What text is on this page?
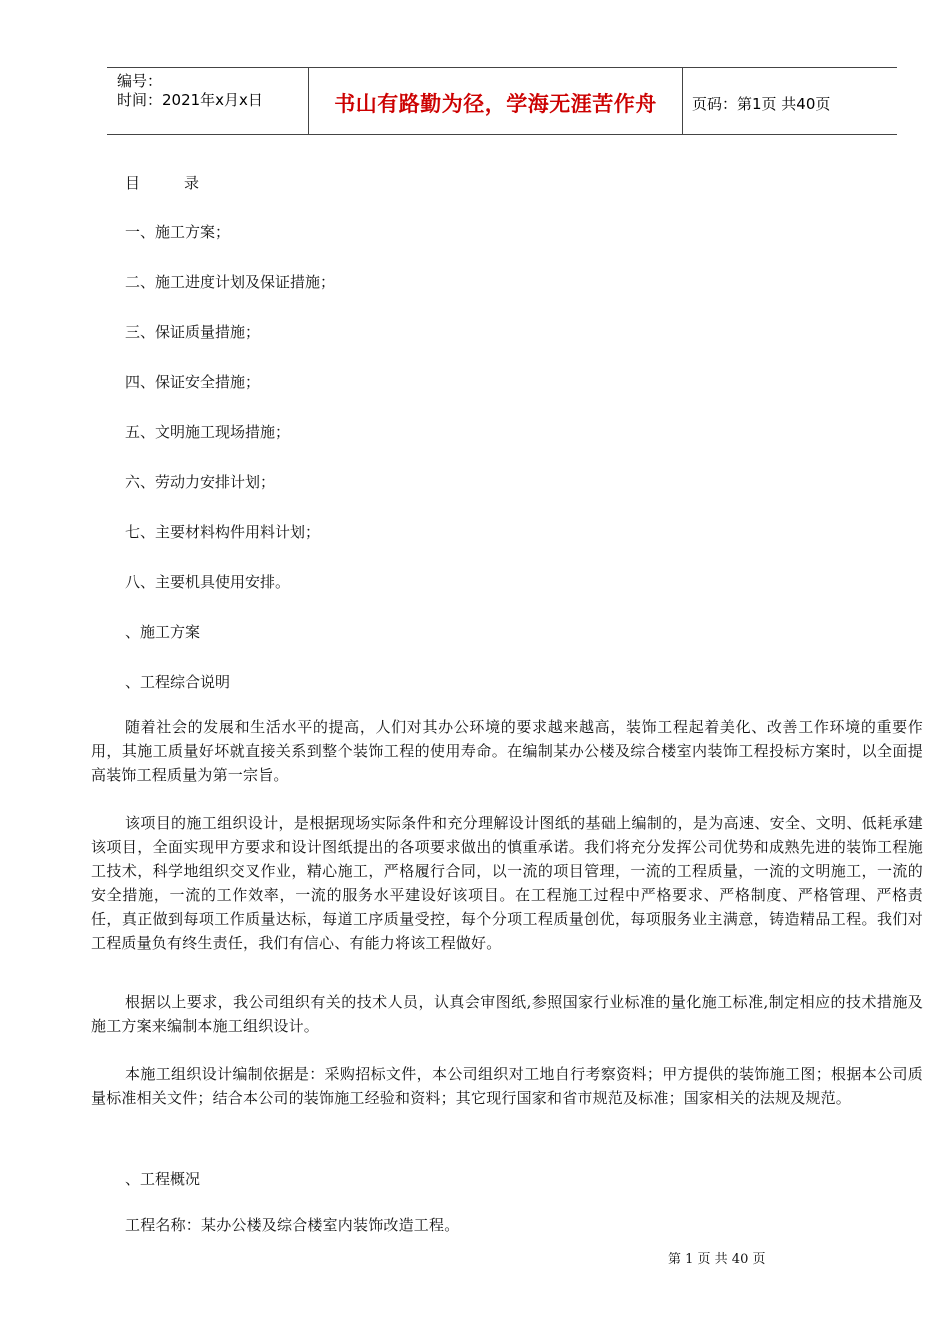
编号：
时间：2021年x月x日	书山有路勤为径，学海无涯苦作舟	页码：第1页 共40页
目	录
一、施工方案；
二、施工进度计划及保证措施；
三、保证质量措施；
四、保证安全措施；
五、文明施工现场措施；
六、劳动力安排计划；
七、主要材料构件用料计划；
八、主要机具使用安排。
、施工方案
、工程综合说明
随着社会的发展和生活水平的提高，人们对其办公环境的要求越来越高，装饰工程起着美化、改善工作环境的重要作用，其施工质量好坏就直接关系到整个装饰工程的使用寿命。在编制某办公楼及综合楼室内装饰工程投标方案时，以全面提高装饰工程质量为第一宗旨。
该项目的施工组织设计，是根据现场实际条件和充分理解设计图纸的基础上编制的，是为高速、安全、文明、低耗承建该项目，全面实现甲方要求和设计图纸提出的各项要求做出的慎重承诺。我们将充分发挥公司优势和成熟先进的装饰工程施工技术，科学地组织交叉作业，精心施工，严格履行合同，以一流的项目管理，一流的工程质量，一流的文明施工，一流的安全措施，一流的工作效率，一流的服务水平建设好该项目。在工程施工过程中严格要求、严格制度、严格管理、严格责任，真正做到每项工作质量达标，每道工序质量受控，每个分项工程质量创优，每项服务业主满意，铸造精品工程。我们对工程质量负有终生责任，我们有信心、有能力将该工程做好。
根据以上要求，我公司组织有关的技术人员，认真会审图纸,参照国家行业标准的量化施工标准,制定相应的技术措施及施工方案来编制本施工组织设计。
本施工组织设计编制依据是：采购招标文件，本公司组织对工地自行考察资料；甲方提供的装饰施工图；根据本公司质量标准相关文件；结合本公司的装饰施工经验和资料；其它现行国家和省市规范及标准；国家相关的法规及规范。
、工程概况
工程名称：某办公楼及综合楼室内装饰改造工程。
第 1 页 共 40 页
